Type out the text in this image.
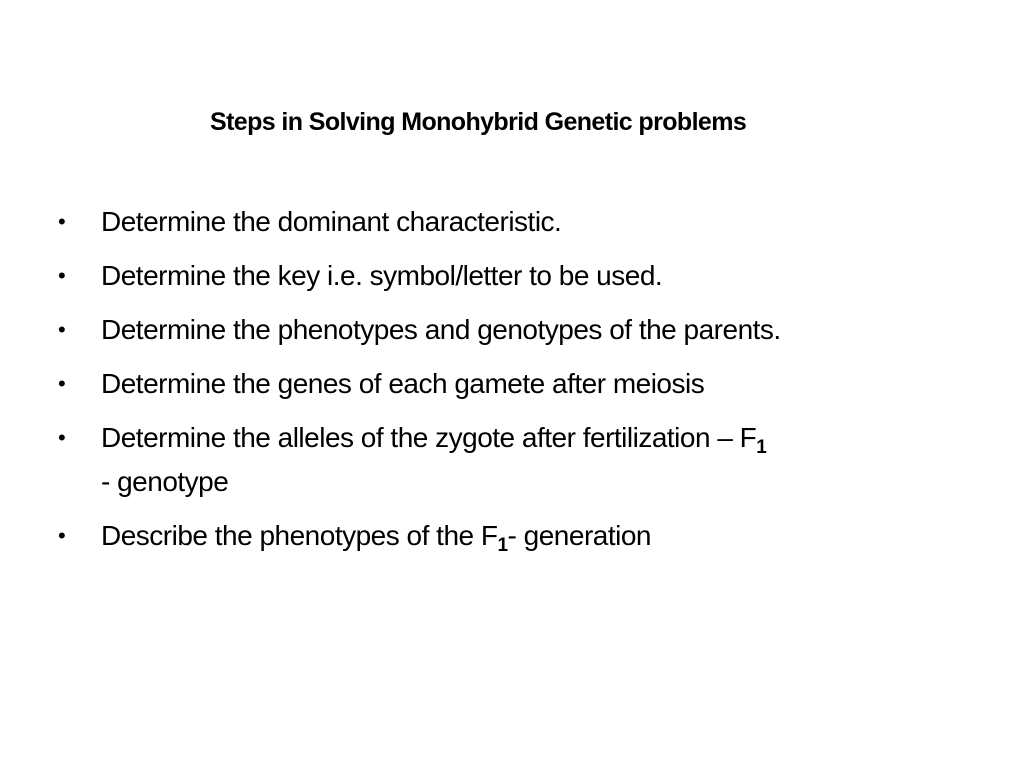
Steps in Solving Monohybrid Genetic problems
• Determine the dominant characteristic.
• Determine the key i.e. symbol/letter to be used.
• Determine the phenotypes and genotypes of the parents.
• Determine the genes of each gamete after meiosis
• Determine the alleles of the zygote after fertilization – $F_1$
- genotype
• Describe the phenotypes of the $F_1-$ generation
